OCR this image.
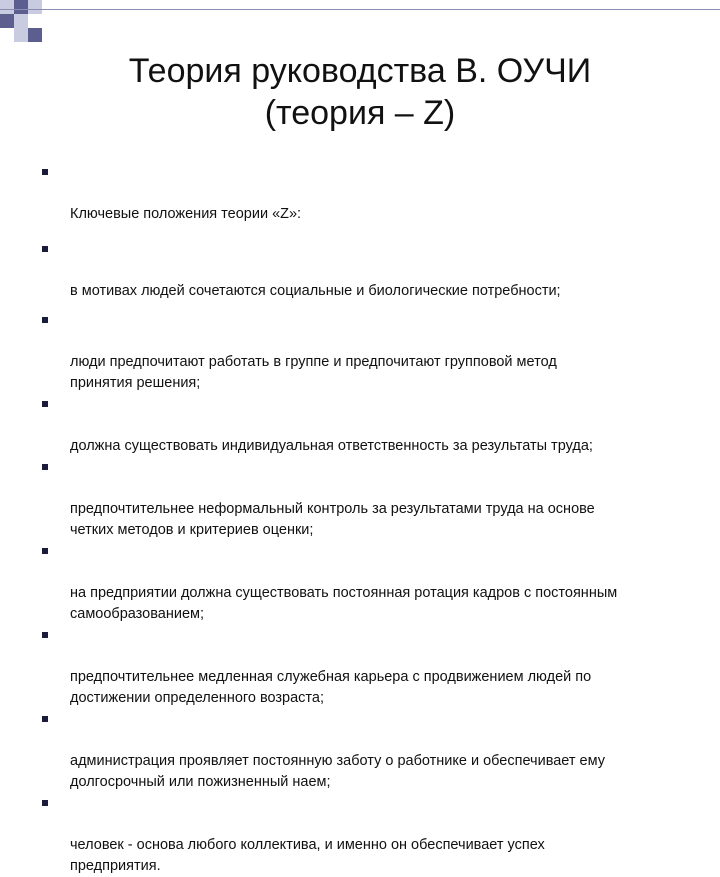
Теория руководства В. ОУЧИ
(теория – Z)

Ключевые положения теории «Z»:

в мотивах людей сочетаются социальные и биологические потребности;

люди предпочитают работать в группе и предпочитают групповой метод
принятия решения;

должна существовать индивидуальная ответственность за результаты труда;

предпочтительнее неформальный контроль за результатами труда на основе
четких методов и критериев оценки;

на предприятии должна существовать постоянная ротация кадров с постоянным
самообразованием;

предпочтительнее медленная служебная карьера с продвижением людей по
достижении определенного возраста;

администрация проявляет постоянную заботу о работнике и обеспечивает ему
долгосрочный или пожизненный наем;

человек - основа любого коллектива, и именно он обеспечивает успех
предприятия.
